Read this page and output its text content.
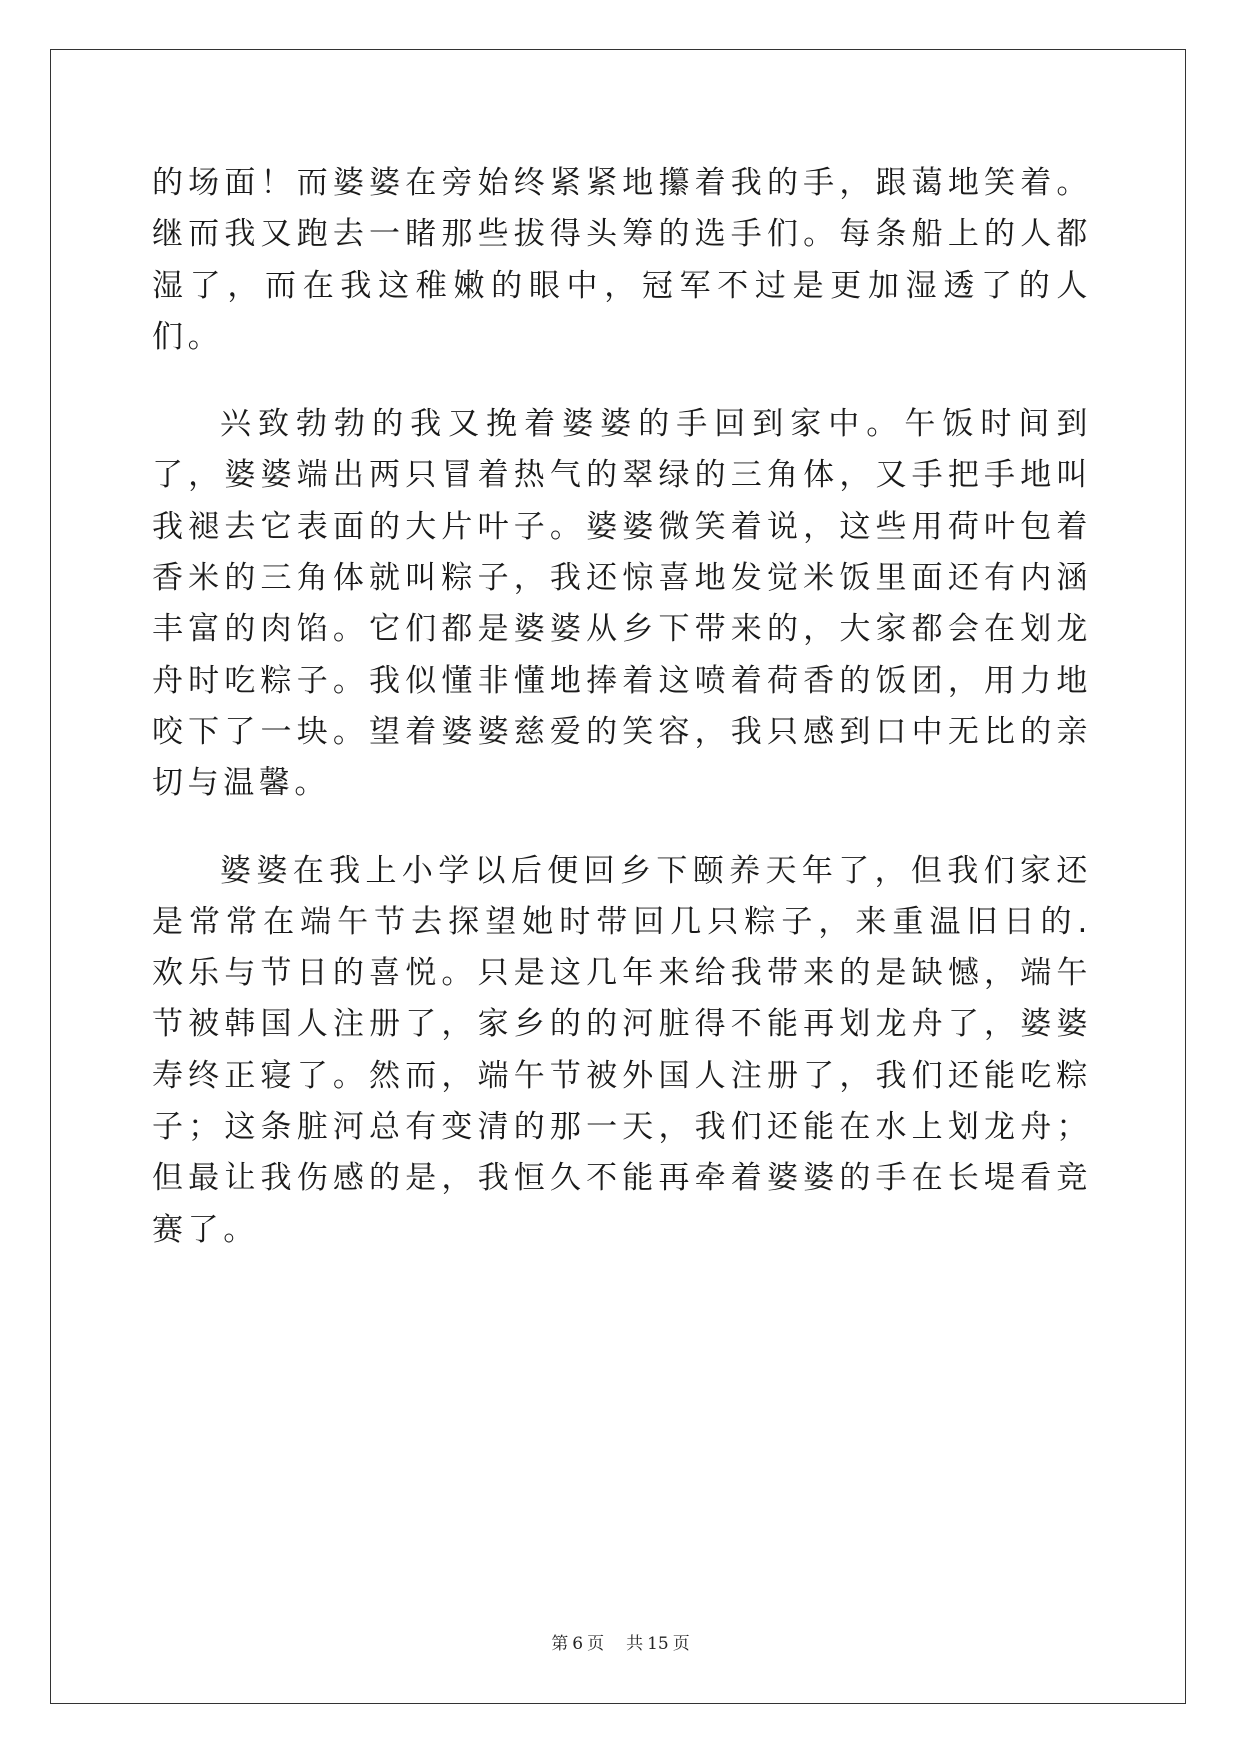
的场面！而婆婆在旁始终紧紧地攥着我的手，跟蔼地笑着。继而我又跑去一睹那些拔得头筹的选手们。每条船上的人都湿了，而在我这稚嫩的眼中，冠军不过是更加湿透了的人们。

兴致勃勃的我又挽着婆婆的手回到家中。午饭时间到了，婆婆端出两只冒着热气的翠绿的三角体，又手把手地叫我褪去它表面的大片叶子。婆婆微笑着说，这些用荷叶包着香米的三角体就叫粽子，我还惊喜地发觉米饭里面还有内涵丰富的肉馅。它们都是婆婆从乡下带来的，大家都会在划龙舟时吃粽子。我似懂非懂地捧着这喷着荷香的饭团，用力地咬下了一块。望着婆婆慈爱的笑容，我只感到口中无比的亲切与温馨。

婆婆在我上小学以后便回乡下颐养天年了，但我们家还是常常在端午节去探望她时带回几只粽子，来重温旧日的.欢乐与节日的喜悦。只是这几年来给我带来的是缺憾，端午节被韩国人注册了，家乡的的河脏得不能再划龙舟了，婆婆寿终正寝了。然而，端午节被外国人注册了，我们还能吃粽子；这条脏河总有变清的那一天，我们还能在水上划龙舟；但最让我伤感的是，我恒久不能再牵着婆婆的手在长堤看竞赛了。

第 6 页 共 15 页
